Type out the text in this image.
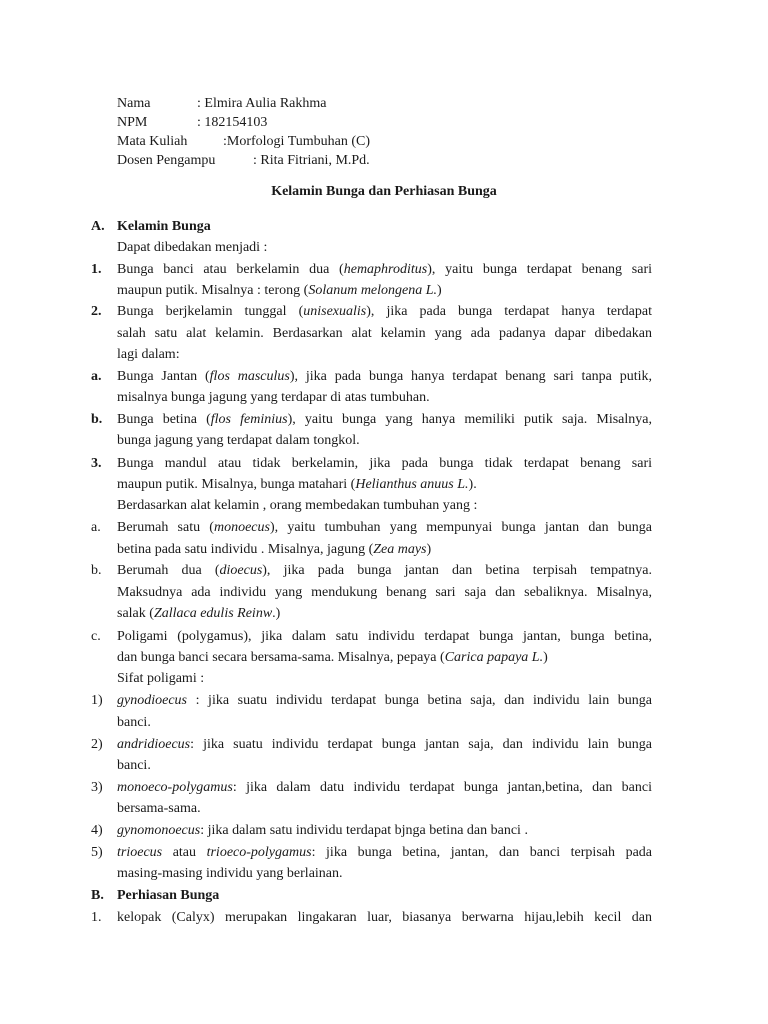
Nama	: Elmira Aulia Rakhma
NPM	: 182154103
Mata Kuliah	:Morfologi Tumbuhan (C)
Dosen Pengampu	: Rita Fitriani, M.Pd.
Kelamin Bunga dan Perhiasan Bunga
A. Kelamin Bunga
Dapat dibedakan menjadi :
1. Bunga banci atau berkelamin dua (hemaphroditus), yaitu bunga terdapat benang sari
maupun putik. Misalnya : terong (Solanum melongena L.)
2. Bunga berjkelamin tunggal (unisexualis), jika pada bunga terdapat hanya terdapat
salah satu alat kelamin. Berdasarkan alat kelamin yang ada padanya dapar dibedakan
lagi dalam:
a. Bunga Jantan (flos masculus), jika pada bunga hanya terdapat benang sari tanpa putik,
misalnya bunga jagung yang terdapar di atas tumbuhan.
b. Bunga betina (flos feminius), yaitu bunga yang hanya memiliki putik saja. Misalnya,
bunga jagung yang terdapat dalam tongkol.
3. Bunga mandul atau tidak berkelamin, jika pada bunga tidak terdapat benang sari
maupun putik. Misalnya, bunga matahari (Helianthus anuus L.).
Berdasarkan alat kelamin , orang membedakan tumbuhan yang :
a. Berumah satu (monoecus), yaitu tumbuhan yang mempunyai bunga jantan dan bunga
betina pada satu individu . Misalnya, jagung (Zea mays)
b. Berumah dua (dioecus), jika pada bunga jantan dan betina terpisah tempatnya.
Maksudnya ada individu yang mendukung benang sari saja dan sebaliknya. Misalnya,
salak (Zallaca edulis Reinw.)
c. Poligami (polygamus), jika dalam satu individu terdapat bunga jantan, bunga betina,
dan bunga banci secara bersama-sama. Misalnya, pepaya (Carica papaya L.)
Sifat poligami :
1) gynodioecus : jika suatu individu terdapat bunga betina saja, dan individu lain bunga
banci.
2) andridioecus: jika suatu individu terdapat bunga jantan saja, dan individu lain bunga
banci.
3) monoeco-polygamus: jika dalam datu individu terdapat bunga jantan,betina, dan banci
bersama-sama.
4) gynomonoecus: jika dalam satu individu terdapat bjnga betina dan banci .
5) trioecus atau trioeco-polygamus: jika bunga betina, jantan, dan banci terpisah pada
masing-masing individu yang berlainan.
B. Perhiasan Bunga
1. kelopak (Calyx) merupakan lingakaran luar, biasanya berwarna hijau,lebih kecil dan
